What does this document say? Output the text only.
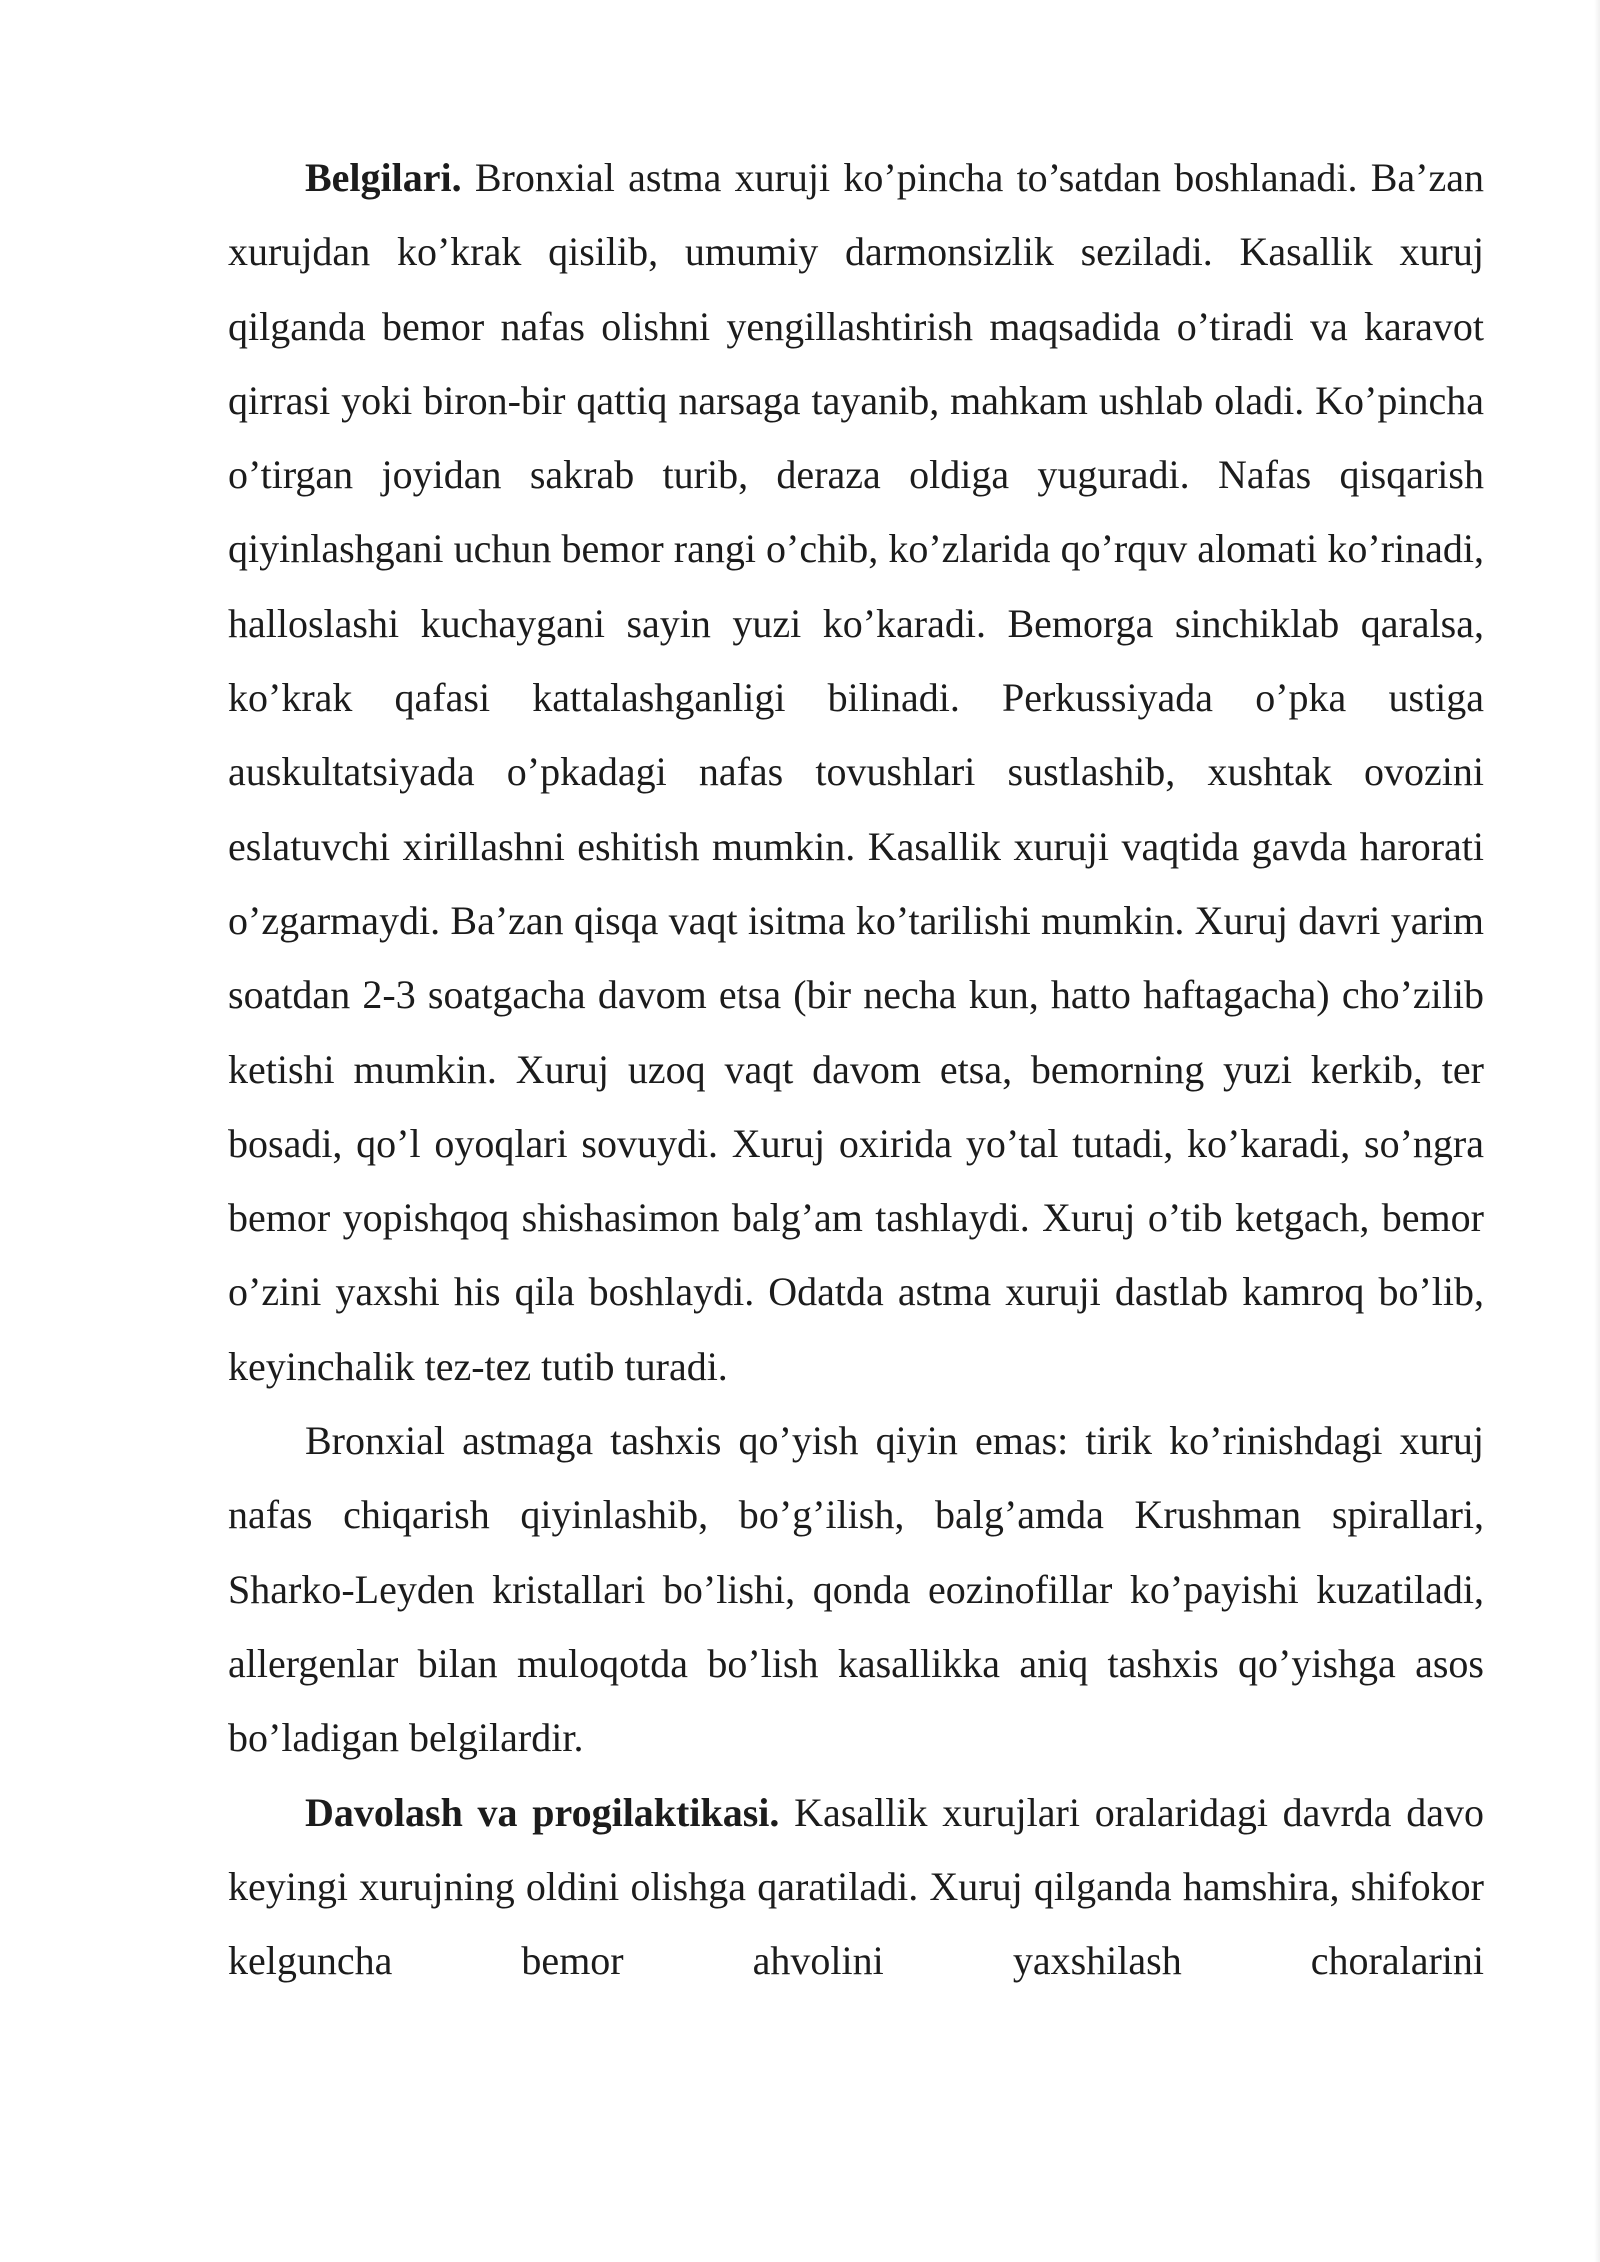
Belgilari. Bronxial astma xuruji ko’pincha to’satdan boshlanadi. Ba’zan xurujdan ko’krak qisilib, umumiy darmonsizlik seziladi. Kasallik xuruj qilganda bemor nafas olishni yengillashtirish maqsadida o’tiradi va karavot qirrasi yoki biron-bir qattiq narsaga tayanib, mahkam ushlab oladi. Ko’pincha o’tirgan joyidan sakrab turib, deraza oldiga yuguradi. Nafas qisqarish qiyinlashgani uchun bemor rangi o’chib, ko’zlarida qo’rquv alomati ko’rinadi, halloslashi kuchaygani sayin yuzi ko’karadi. Bemorga sinchiklab qaralsa, ko’krak qafasi kattalashganligi bilinadi. Perkussiyada o’pka ustiga auskultatsiyada o’pkadagi nafas tovushlari sustlashib, xushtak ovozini eslatuvchi xirillashni eshitish mumkin. Kasallik xuruji vaqtida gavda harorati o’zgarmaydi. Ba’zan qisqa vaqt isitma ko’tarilishi mumkin. Xuruj davri yarim soatdan 2-3 soatgacha davom etsa (bir necha kun, hatto haftagacha) cho’zilib ketishi mumkin. Xuruj uzoq vaqt davom etsa, bemorning yuzi kerkib, ter bosadi, qo’l oyoqlari sovuydi. Xuruj oxirida yo’tal tutadi, ko’karadi, so’ngra bemor yopishqoq shishasimon balg’am tashlaydi. Xuruj o’tib ketgach, bemor o’zini yaxshi his qila boshlaydi. Odatda astma xuruji dastlab kamroq bo’lib, keyinchalik tez-tez tutib turadi.

Bronxial astmaga tashxis qo’yish qiyin emas: tirik ko’rinishdagi xuruj nafas chiqarish qiyinlashib, bo’g’ilish, balg’amda Krushman spirallari, Sharko-Leyden kristallari bo’lishi, qonda eozinofillar ko’payishi kuzatiladi, allergenlar bilan muloqotda bo’lish kasallikka aniq tashxis qo’yishga asos bo’ladigan belgilardir.

Davolash va progilaktikasi. Kasallik xurujlari oralaridagi davrda davo keyingi xurujning oldini olishga qaratiladi. Xuruj qilganda hamshira, shifokor kelguncha bemor ahvolini yaxshilash choralarini
